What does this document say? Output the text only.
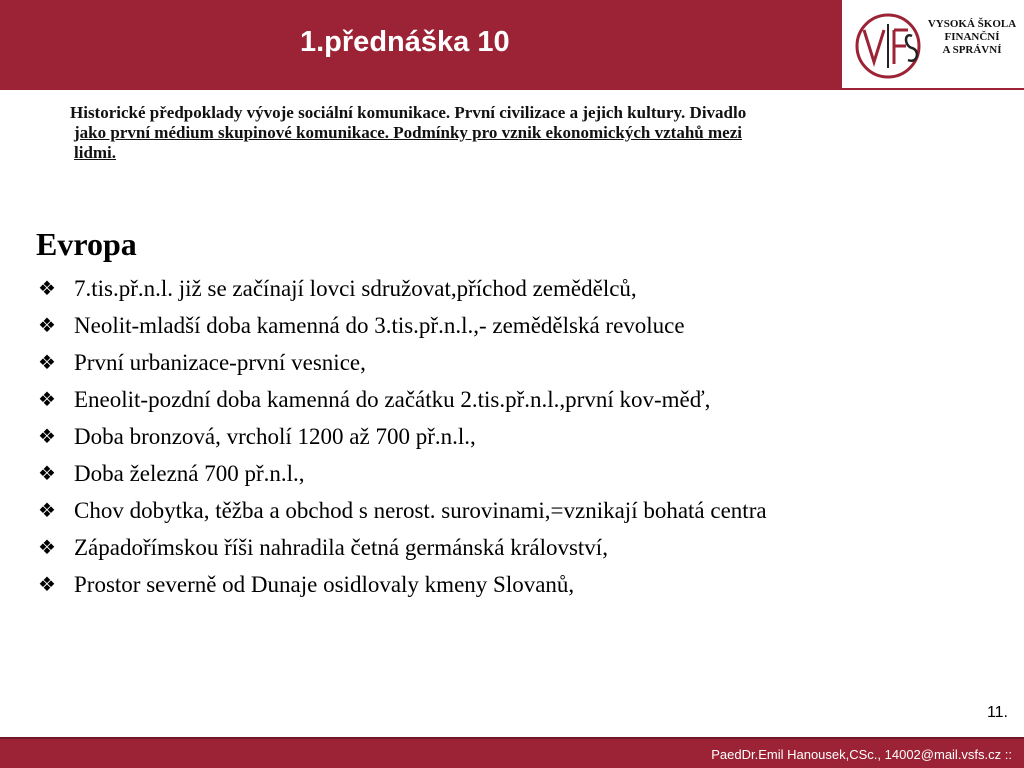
1.přednáška 10
VYSOKÁ ŠKOLA
FINANČNÍ
A SPRÁVNÍ
Historické předpoklady vývoje sociální komunikace. První civilizace a jejich kultury. Divadlo
jako první médium skupinové komunikace. Podmínky pro vznik ekonomických vztahů mezi
lidmi.
Evropa
❖ 7.tis.př.n.l. již se začínají lovci sdružovat,příchod zemědělců,
❖ Neolit-mladší doba kamenná do 3.tis.př.n.l.,- zemědělská revoluce
❖ První urbanizace-první vesnice,
❖ Eneolit-pozdní doba kamenná do začátku 2.tis.př.n.l.,první kov-měď,
❖ Doba bronzová, vrcholí 1200 až 700 př.n.l.,
❖ Doba železná 700 př.n.l.,
❖ Chov dobytka, těžba a obchod s nerost. surovinami,=vznikají bohatá centra
❖ Západořímskou říši nahradila četná germánská království,
❖ Prostor severně od Dunaje osidlovaly kmeny Slovanů,
11.
PaedDr.Emil Hanousek,CSc., 14002@mail.vsfs.cz ::
